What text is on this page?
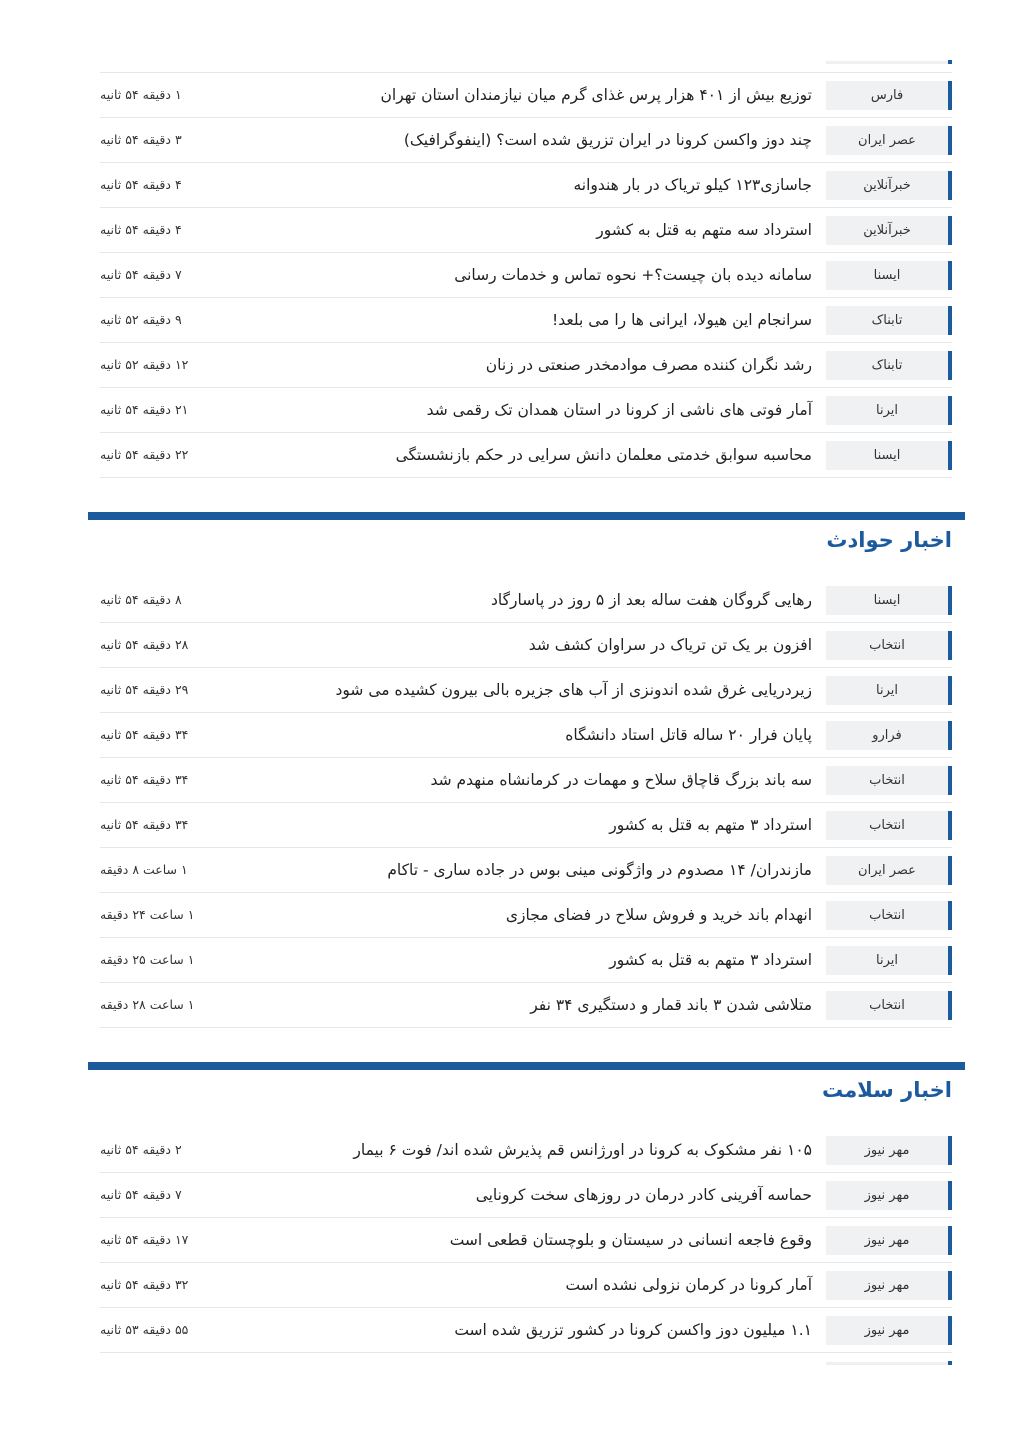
فارس
توزیع بیش از ۴۰۱ هزار پرس غذای گرم میان نیازمندان استان تهران
۱ دقیقه ۵۴ ثانیه
عصر ایران
چند دوز واکسن کرونا در ایران تزریق شده است؟ (اینفوگرافیک)
۳ دقیقه ۵۴ ثانیه
خبرآنلاین
جاسازی۱۲۳ کیلو تریاک در بار هندوانه
۴ دقیقه ۵۴ ثانیه
خبرآنلاین
استرداد سه متهم به قتل به کشور
۴ دقیقه ۵۴ ثانیه
ایسنا
سامانه دیده بان چیست؟+ نحوه تماس و خدمات رسانی
۷ دقیقه ۵۴ ثانیه
تابناک
سرانجام این هیولا، ایرانی ها را می بلعد!
۹ دقیقه ۵۲ ثانیه
تابناک
رشد نگران کننده مصرف موادمخدر صنعتی در زنان
۱۲ دقیقه ۵۲ ثانیه
ایرنا
آمار فوتی های ناشی از کرونا در استان همدان تک رقمی شد
۲۱ دقیقه ۵۴ ثانیه
ایسنا
محاسبه سوابق خدمتی معلمان دانش سرایی در حکم بازنشستگی
۲۲ دقیقه ۵۴ ثانیه
اخبار حوادث
ایسنا
رهایی گروگان هفت ساله بعد از ۵ روز در پاسارگاد
۸ دقیقه ۵۴ ثانیه
انتخاب
افزون بر یک تن تریاک در سراوان کشف شد
۲۸ دقیقه ۵۴ ثانیه
ایرنا
زیردریایی غرق شده اندونزی از آب های جزیره بالی بیرون کشیده می شود
۲۹ دقیقه ۵۴ ثانیه
فرارو
پایان فرار ۲۰ ساله قاتل استاد دانشگاه
۳۴ دقیقه ۵۴ ثانیه
انتخاب
سه باند بزرگ قاچاق سلاح و مهمات در کرمانشاه منهدم شد
۳۴ دقیقه ۵۴ ثانیه
انتخاب
استرداد ۳ متهم به قتل به کشور
۳۴ دقیقه ۵۴ ثانیه
عصر ایران
مازندران/ ۱۴ مصدوم در واژگونی مینی بوس در جاده ساری - تاکام
۱ ساعت ۸ دقیقه
انتخاب
انهدام باند خرید و فروش سلاح در فضای مجازی
۱ ساعت ۲۴ دقیقه
ایرنا
استرداد ۳ متهم به قتل به کشور
۱ ساعت ۲۵ دقیقه
انتخاب
متلاشی شدن ۳ باند قمار و دستگیری ۳۴ نفر
۱ ساعت ۲۸ دقیقه
اخبار سلامت
مهر نیوز
۱۰۵ نفر مشکوک به کرونا در اورژانس قم پذیرش شده اند/ فوت ۶ بیمار
۲ دقیقه ۵۴ ثانیه
مهر نیوز
حماسه آفرینی کادر درمان در روزهای سخت کرونایی
۷ دقیقه ۵۴ ثانیه
مهر نیوز
وقوع فاجعه انسانی در سیستان و بلوچستان قطعی است
۱۷ دقیقه ۵۴ ثانیه
مهر نیوز
آمار کرونا در کرمان نزولی نشده است
۳۲ دقیقه ۵۴ ثانیه
مهر نیوز
۱.۱ میلیون دوز واکسن کرونا در کشور تزریق شده است
۵۵ دقیقه ۵۳ ثانیه
